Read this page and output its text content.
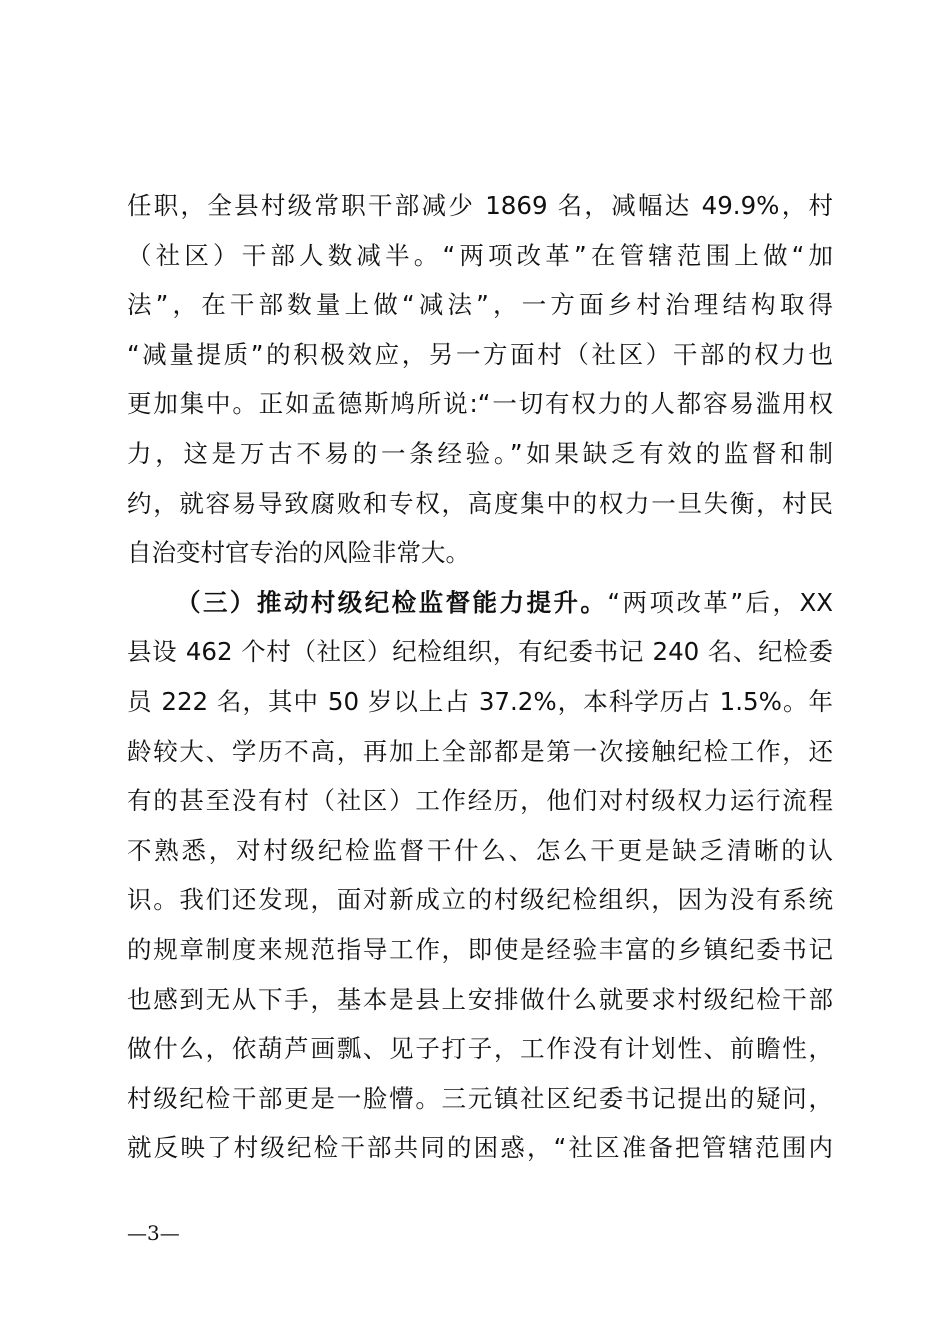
任职，全县村级常职干部减少 1869 名，减幅达 49.9%，村
（社区）干部人数减半。“两项改革”在管辖范围上做“加
法”，在干部数量上做“减法”，一方面乡村治理结构取得
“减量提质”的积极效应，另一方面村（社区）干部的权力也
更加集中。正如孟德斯鸠所说:“一切有权力的人都容易滥用权
力，这是万古不易的一条经验。”如果缺乏有效的监督和制
约，就容易导致腐败和专权，高度集中的权力一旦失衡，村民
自治变村官专治的风险非常大。
（三）推动村级纪检监督能力提升。“两项改革”后，XX
县设 462 个村（社区）纪检组织，有纪委书记 240 名、纪检委
员 222 名，其中 50 岁以上占 37.2%，本科学历占 1.5%。年
龄较大、学历不高，再加上全部都是第一次接触纪检工作，还
有的甚至没有村（社区）工作经历，他们对村级权力运行流程
不熟悉，对村级纪检监督干什么、怎么干更是缺乏清晰的认
识。我们还发现，面对新成立的村级纪检组织，因为没有系统
的规章制度来规范指导工作，即使是经验丰富的乡镇纪委书记
也感到无从下手，基本是县上安排做什么就要求村级纪检干部
做什么，依葫芦画瓢、见子打子，工作没有计划性、前瞻性，
村级纪检干部更是一脸懵。三元镇社区纪委书记提出的疑问，
就反映了村级纪检干部共同的困惑，“社区准备把管辖范围内
—3—
